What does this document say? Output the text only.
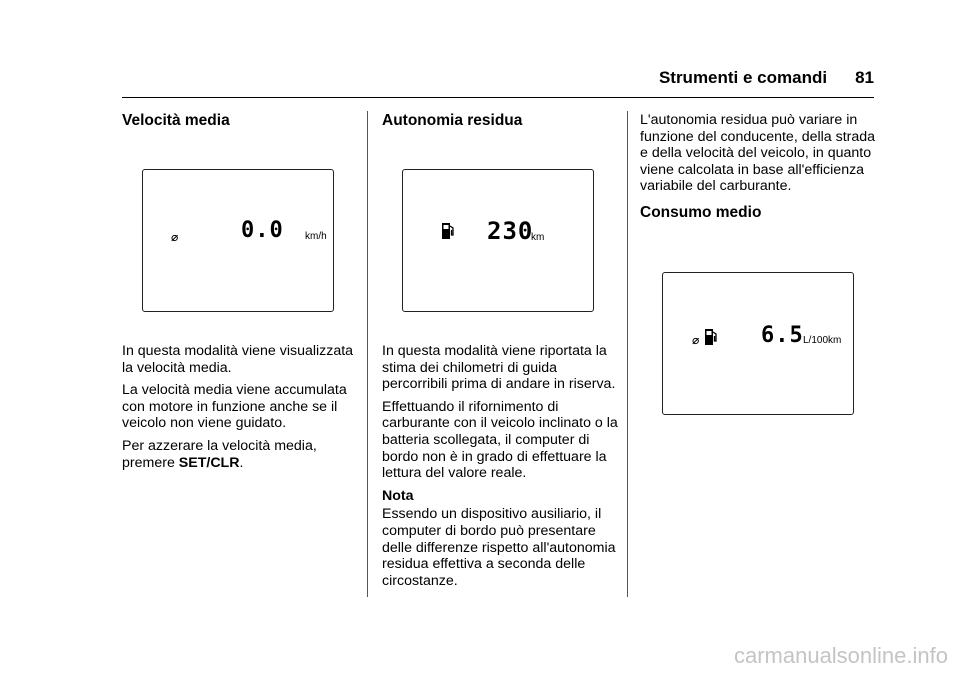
Strumenti e comandi 81
Velocità media
⌀	0.0 km/h

In questa modalità viene visualizzata la velocità media.

La velocità media viene accumulata con motore in funzione anche se il veicolo non viene guidato.

Per azzerare la velocità media, premere SET/CLR.

Autonomia residua
230
km

In questa modalità viene riportata la stima dei chilometri di guida percorribili prima di andare in riserva.

Effettuando il rifornimento di carburante con il veicolo inclinato o la batteria scollegata, il computer di bordo non è in grado di effettuare la lettura del valore reale.

Nota

Essendo un dispositivo ausiliario, il computer di bordo può presentare delle differenze rispetto all'autonomia residua effettiva a seconda delle circostanze.

L'autonomia residua può variare in funzione del conducente, della strada e della velocità del veicolo, in quanto viene calcolata in base all'efficienza variabile del carburante.

Consumo medio
⌀	6.5 L/100km
carmanualsonline.info
